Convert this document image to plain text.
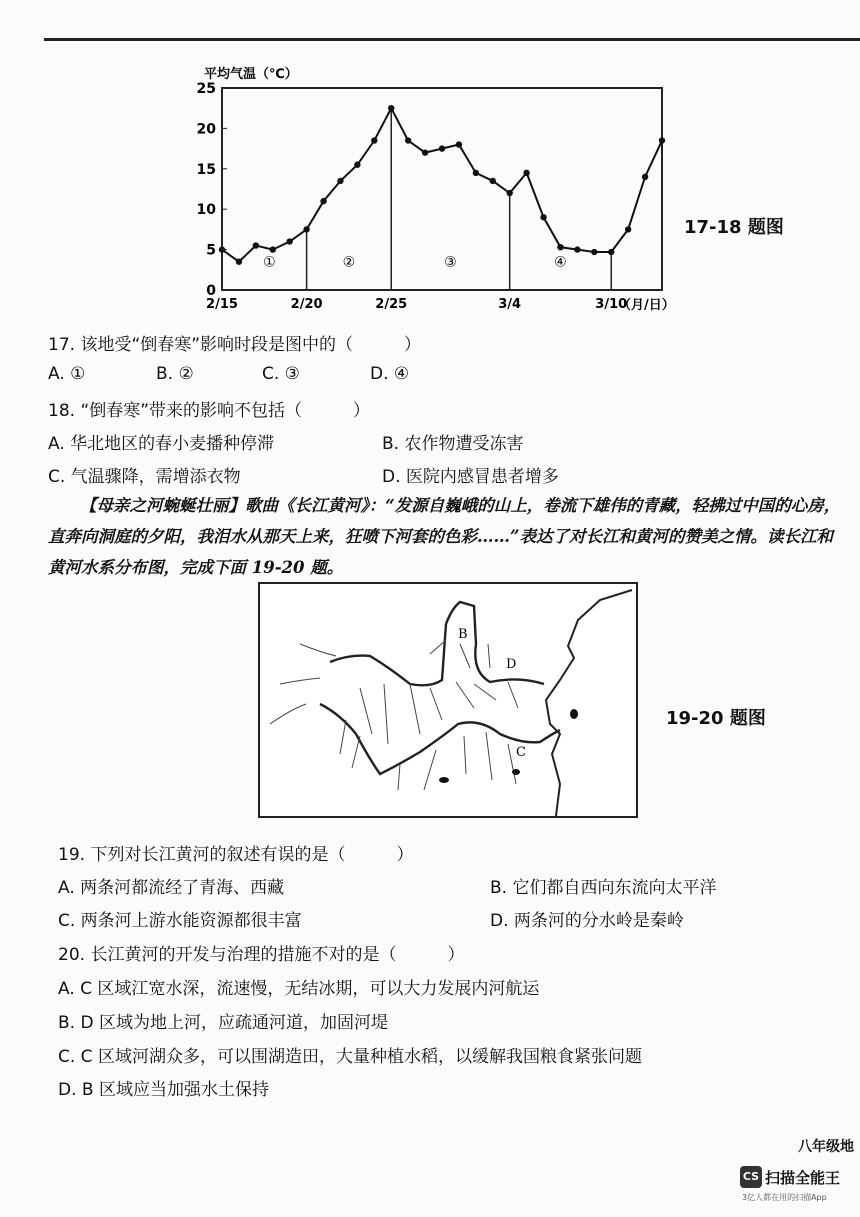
①	②	③	④
0
5
10
15
20
25
2/15	2/20	2/25	3/4	3/10
平均气温（℃）
（月/日）
17-18 题图
17. 该地受“倒春寒”影响时段是图中的（　　　）
A. ①	B. ②	C. ③	D. ④
18. “倒春寒”带来的影响不包括（　　　）
A. 华北地区的春小麦播种停滞	B. 农作物遭受冻害
C. 气温骤降，需增添衣物	D. 医院内感冒患者增多
【母亲之河蜿蜒壮丽】歌曲《长江黄河》：“发源自巍峨的山上，卷流下雄伟的青藏，轻拂过中国的心房，直奔向洞庭的夕阳，我泪水从那天上来，狂喷下河套的色彩……”表达了对长江和黄河的赞美之情。读长江和黄河水系分布图，完成下面 19-20 题。
B
D
C
19-20 题图
19. 下列对长江黄河的叙述有误的是（　　　）
A. 两条河都流经了青海、西藏	B. 它们都自西向东流向太平洋
C. 两条河上游水能资源都很丰富	D. 两条河的分水岭是秦岭
20. 长江黄河的开发与治理的措施不对的是（　　　）
A. C 区域江宽水深，流速慢，无结冰期，可以大力发展内河航运
B. D 区域为地上河，应疏通河道，加固河堤
C. C 区域河湖众多，可以围湖造田，大量种植水稻，以缓解我国粮食紧张问题
D. B 区域应当加强水土保持
八年级地
CS 扫描全能王
3亿人都在用的扫描App
